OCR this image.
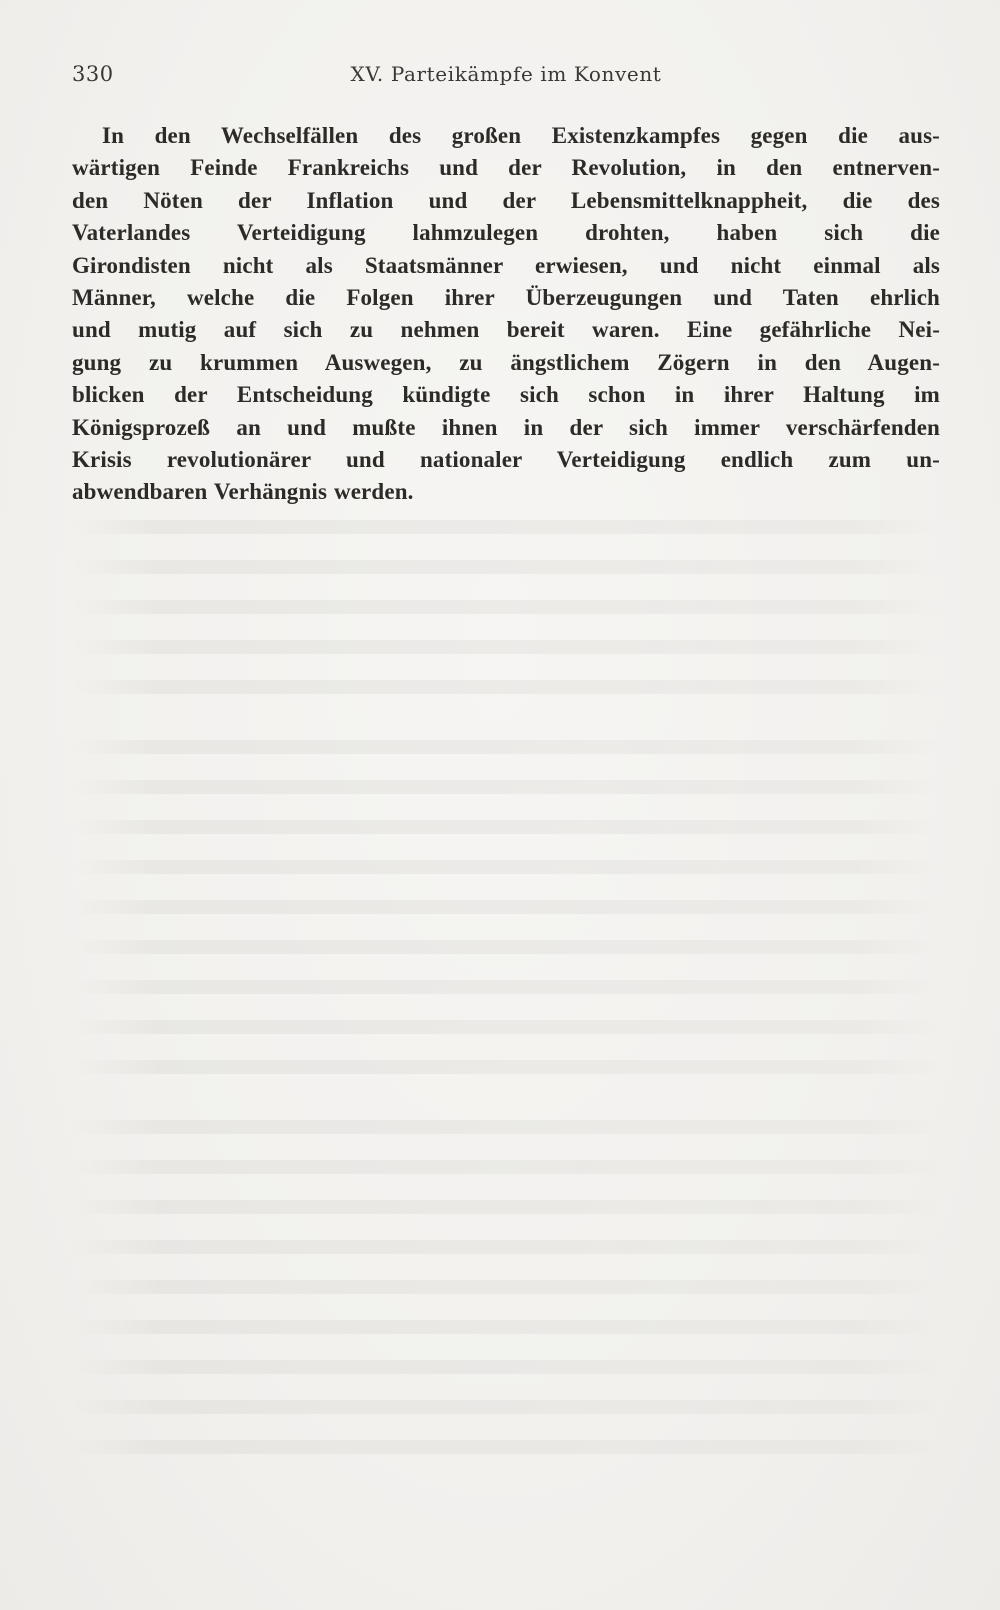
330	XV. Parteikämpfe im Konvent
In den Wechselfällen des großen Existenzkampfes gegen die aus-
wärtigen Feinde Frankreichs und der Revolution, in den entnerven-
den Nöten der Inflation und der Lebensmittelknappheit, die des
Vaterlandes Verteidigung lahmzulegen drohten, haben sich die
Girondisten nicht als Staatsmänner erwiesen, und nicht einmal als
Männer, welche die Folgen ihrer Überzeugungen und Taten ehrlich
und mutig auf sich zu nehmen bereit waren. Eine gefährliche Nei-
gung zu krummen Auswegen, zu ängstlichem Zögern in den Augen-
blicken der Entscheidung kündigte sich schon in ihrer Haltung im
Königsprozeß an und mußte ihnen in der sich immer verschärfenden
Krisis revolutionärer und nationaler Verteidigung endlich zum un-
abwendbaren Verhängnis werden.
